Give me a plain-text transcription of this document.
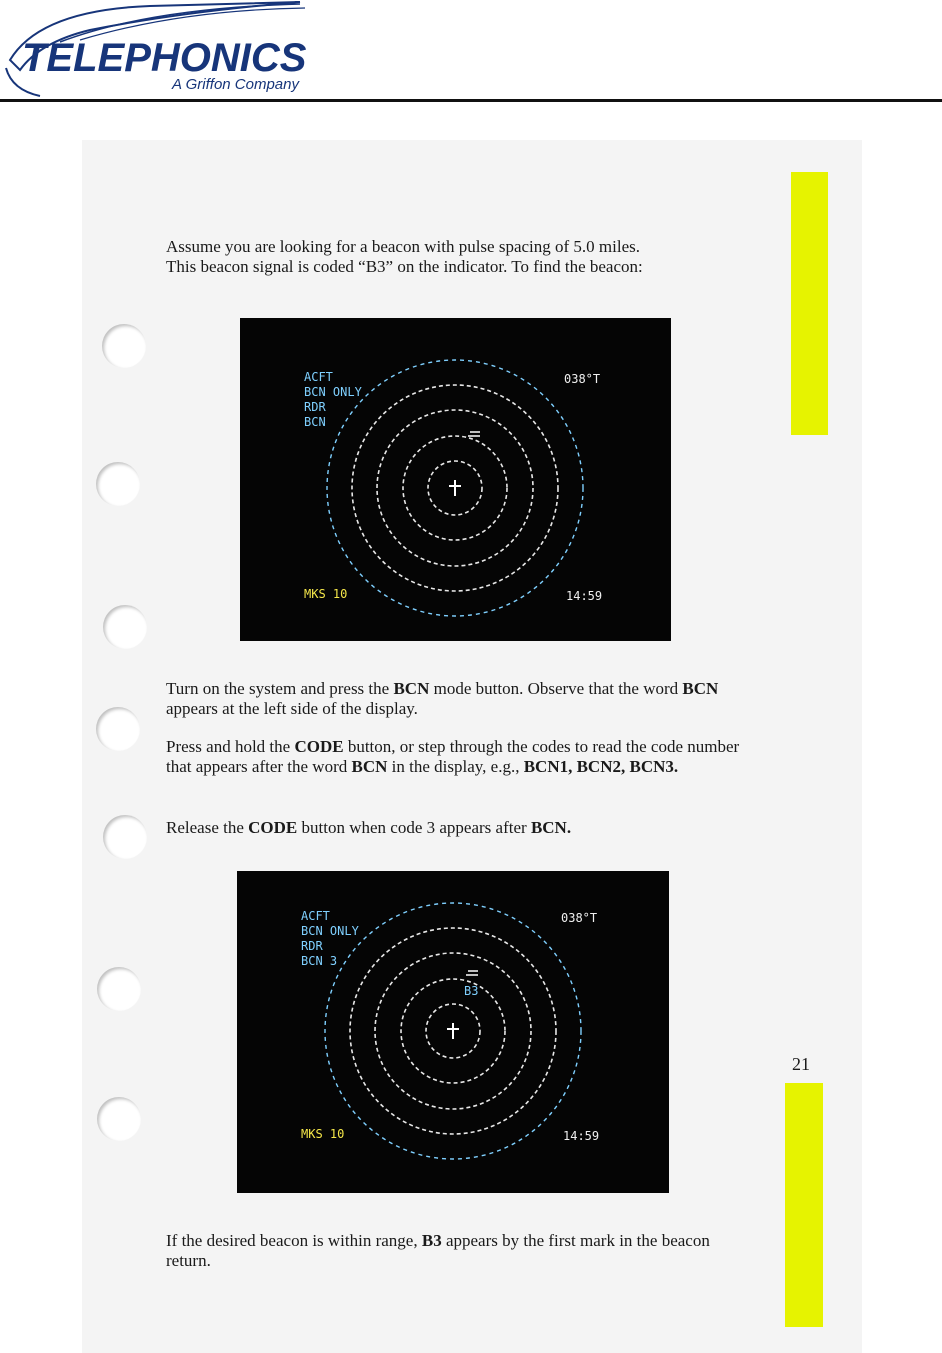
TELEPHONICS
A Griffon Company
Assume you are looking for a beacon with pulse spacing of 5.0 miles.
This beacon signal is coded “B3” on the indicator. To find the beacon:
ACFT
BCN ONLY
RDR
BCN
038°T
MKS 10	14:59
Turn on the system and press the BCN mode button. Observe that the word BCN appears at the left side of the display.
Press and hold the CODE button, or step through the codes to read the code number that appears after the word BCN in the display, e.g., BCN1, BCN2, BCN3.
Release the CODE button when code 3 appears after BCN.
ACFT
BCN ONLY
RDR
BCN 3
038°T
B3
MKS 10	14:59
21
If the desired beacon is within range, B3 appears by the first mark in the beacon return.
